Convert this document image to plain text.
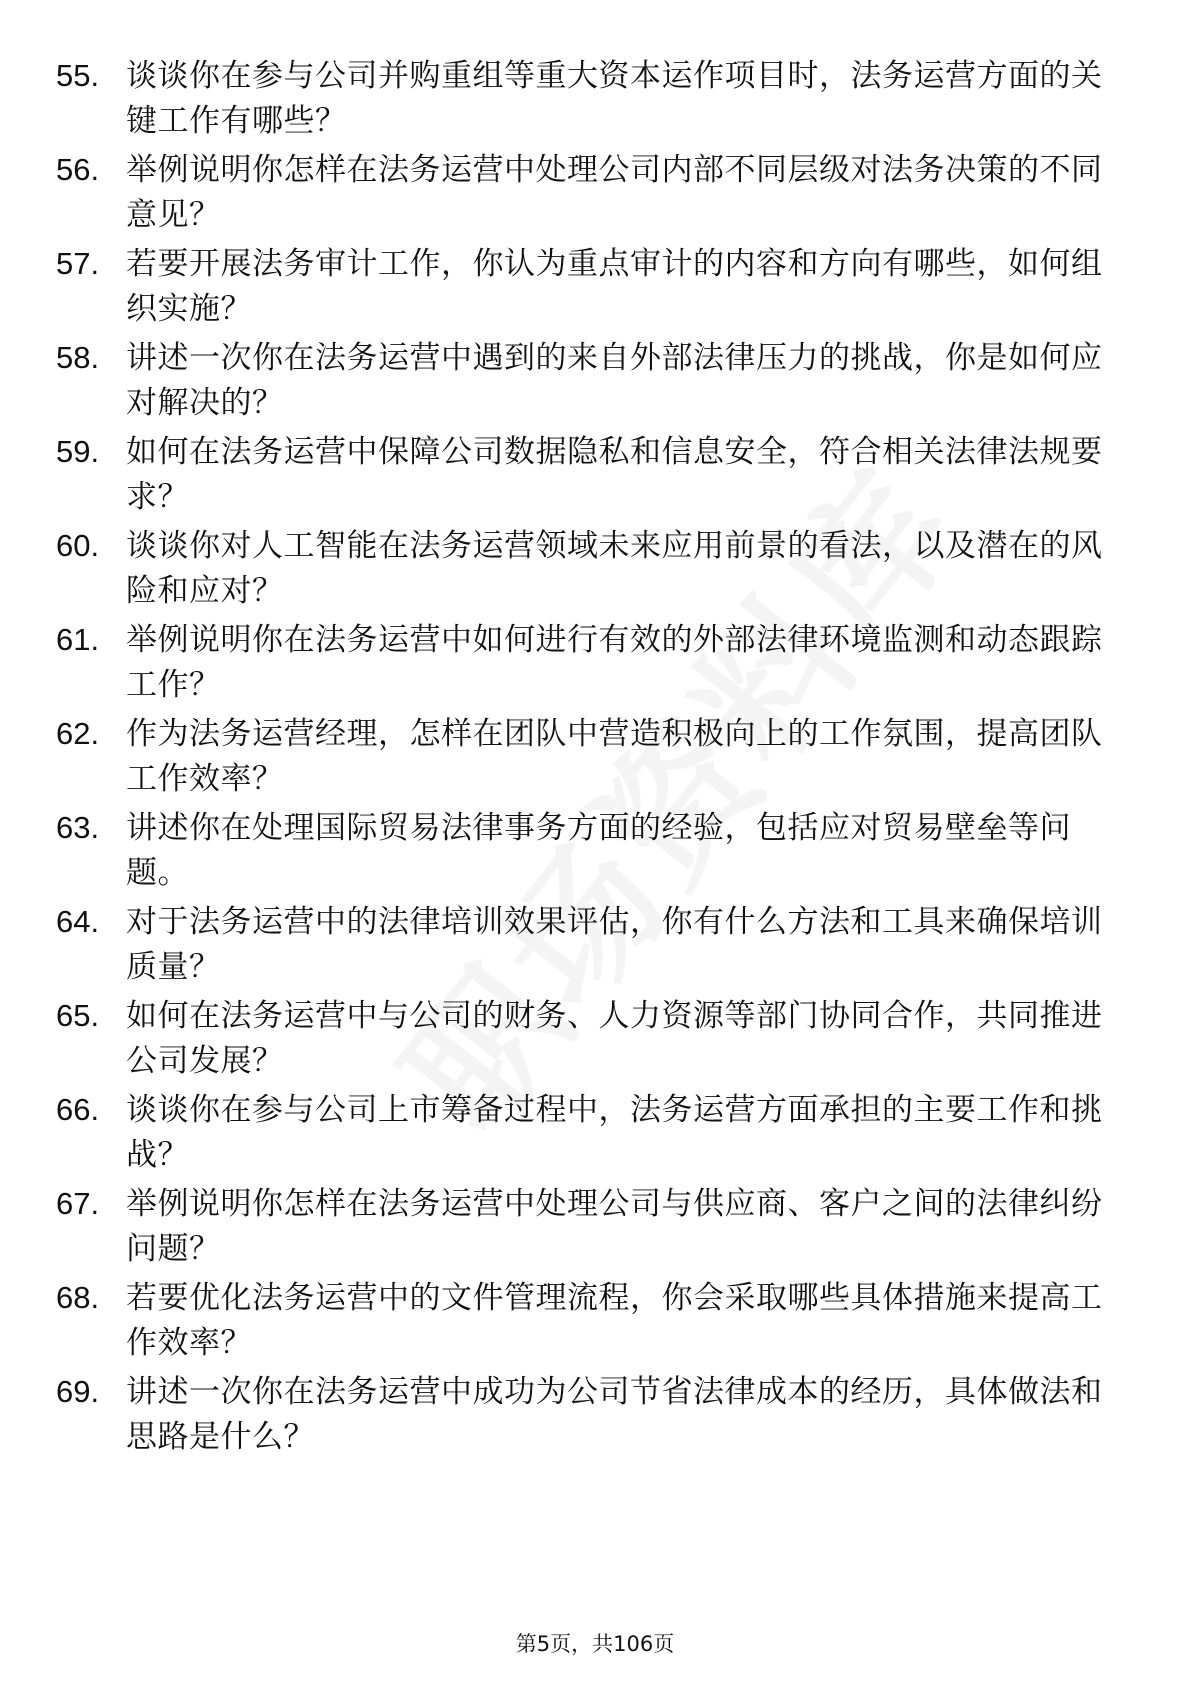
55. 谈谈你在参与公司并购重组等重大资本运作项目时，法务运营方面的关键工作有哪些？
56. 举例说明你怎样在法务运营中处理公司内部不同层级对法务决策的不同意见？
57. 若要开展法务审计工作，你认为重点审计的内容和方向有哪些，如何组织实施？
58. 讲述一次你在法务运营中遇到的来自外部法律压力的挑战，你是如何应对解决的？
59. 如何在法务运营中保障公司数据隐私和信息安全，符合相关法律法规要求？
60. 谈谈你对人工智能在法务运营领域未来应用前景的看法，以及潜在的风险和应对？
61. 举例说明你在法务运营中如何进行有效的外部法律环境监测和动态跟踪工作？
62. 作为法务运营经理，怎样在团队中营造积极向上的工作氛围，提高团队工作效率？
63. 讲述你在处理国际贸易法律事务方面的经验，包括应对贸易壁垒等问题。
64. 对于法务运营中的法律培训效果评估，你有什么方法和工具来确保培训质量？
65. 如何在法务运营中与公司的财务、人力资源等部门协同合作，共同推进公司发展？
66. 谈谈你在参与公司上市筹备过程中，法务运营方面承担的主要工作和挑战？
67. 举例说明你怎样在法务运营中处理公司与供应商、客户之间的法律纠纷问题？
68. 若要优化法务运营中的文件管理流程，你会采取哪些具体措施来提高工作效率？
69. 讲述一次你在法务运营中成功为公司节省法律成本的经历，具体做法和思路是什么？
第5页，共106页
